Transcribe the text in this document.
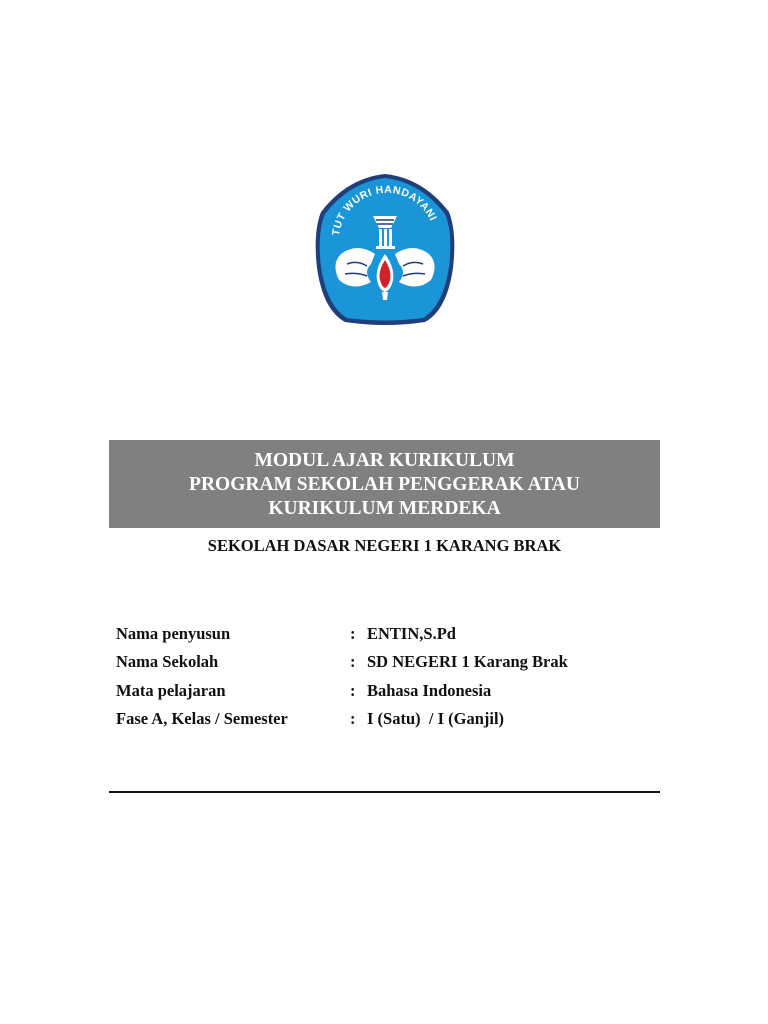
TUT WURI HANDAYANI
MODUL AJAR KURIKULUM
PROGRAM SEKOLAH PENGGERAK ATAU
KURIKULUM MERDEKA
SEKOLAH DASAR NEGERI 1 KARANG BRAK
Nama penyusun	: ENTIN,S.Pd
Nama Sekolah	: SD NEGERI 1 Karang Brak
Mata pelajaran	: Bahasa Indonesia
Fase A, Kelas / Semester	: I (Satu)  / I (Ganjil)
